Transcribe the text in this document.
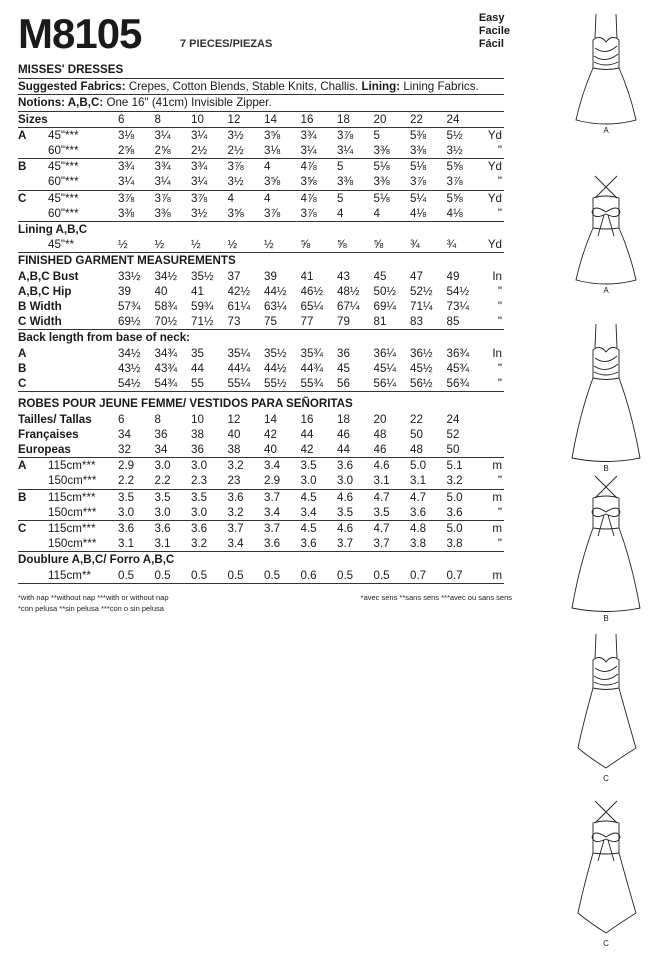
M8105	7 PIECES/PIEZAS
Easy
Facile
Fácil
MISSES' DRESSES
Suggested Fabrics: Crepes, Cotton Blends, Stable Knits, Challis. Lining: Lining Fabrics.
Notions: A,B,C: One 16" (41cm) Invisible Zipper.
Sizes		6	8	10	12	14	16	18	20	22	24	
A	45"***	3⅛	3¼	3¼	3½	3⅝	3¾	3⅞	5	5⅜	5½	Yd
	60"***	2⅝	2⅝	2½	2½	3⅛	3¼	3¼	3⅜	3⅜	3½	"
B	45"***	3¾	3¾	3¾	3⅞	4	4⅞	5	5⅛	5⅛	5⅝	Yd
	60"***	3¼	3¼	3¼	3½	3⅝	3⅝	3⅜	3⅜	3⅞	3⅞	"
C	45"***	3⅞	3⅞	3⅞	4	4	4⅞	5	5⅛	5¼	5⅝	Yd
	60"***	3⅜	3⅜	3½	3⅝	3⅞	3⅞	4	4	4⅛	4⅛	"
Lining A,B,C												
	45"**	½	½	½	½	½	⅝	⅝	⅝	¾	¾	Yd
FINISHED GARMENT MEASUREMENTS												
A,B,C Bust		33½	34½	35½	37	39	41	43	45	47	49	In
A,B,C Hip		39	40	41	42½	44½	46½	48½	50½	52½	54½	"
B Width		57¾	58¾	59¾	61¼	63¼	65¼	67¼	69¼	71¼	73¼	"
C Width		69½	70½	71½	73	75	77	79	81	83	85	"
Back length from base of neck:												
A		34½	34¾	35	35¼	35½	35¾	36	36¼	36½	36¾	In
B		43½	43¾	44	44¼	44½	44¾	45	45¼	45½	45¾	"
C		54½	54¾	55	55¼	55½	55¾	56	56¼	56½	56¾	"
ROBES POUR JEUNE FEMME/ VESTIDOS PARA SEÑORITAS
Tailles/ Tallas		6	8	10	12	14	16	18	20	22	24	
Françaises		34	36	38	40	42	44	46	48	50	52	
Europeas		32	34	36	38	40	42	44	46	48	50	
A	115cm***	2.9	3.0	3.0	3.2	3.4	3.5	3.6	4.6	5.0	5.1	m
	150cm***	2.2	2.2	2.3	23	2.9	3.0	3.0	3.1	3.1	3.2	"
B	115cm***	3.5	3.5	3.5	3.6	3.7	4.5	4.6	4.7	4.7	5.0	m
	150cm***	3.0	3.0	3.0	3.2	3.4	3.4	3.5	3.5	3.6	3.6	"
C	115cm***	3.6	3.6	3.6	3.7	3.7	4.5	4.6	4.7	4.8	5.0	m
	150cm***	3.1	3.1	3.2	3.4	3.6	3.6	3.7	3.7	3.8	3.8	"
Doublure A,B,C/ Forro A,B,C												
	115cm**	0.5	0.5	0.5	0.5	0.5	0.6	0.5	0.5	0.7	0.7	m
*with nap **without nap ***with or without nap
*con pelusa **sin pelusa ***con o sin pelusa
*avec sens **sans sens ***avec ou sans sens
A
A
B
B
C
C
